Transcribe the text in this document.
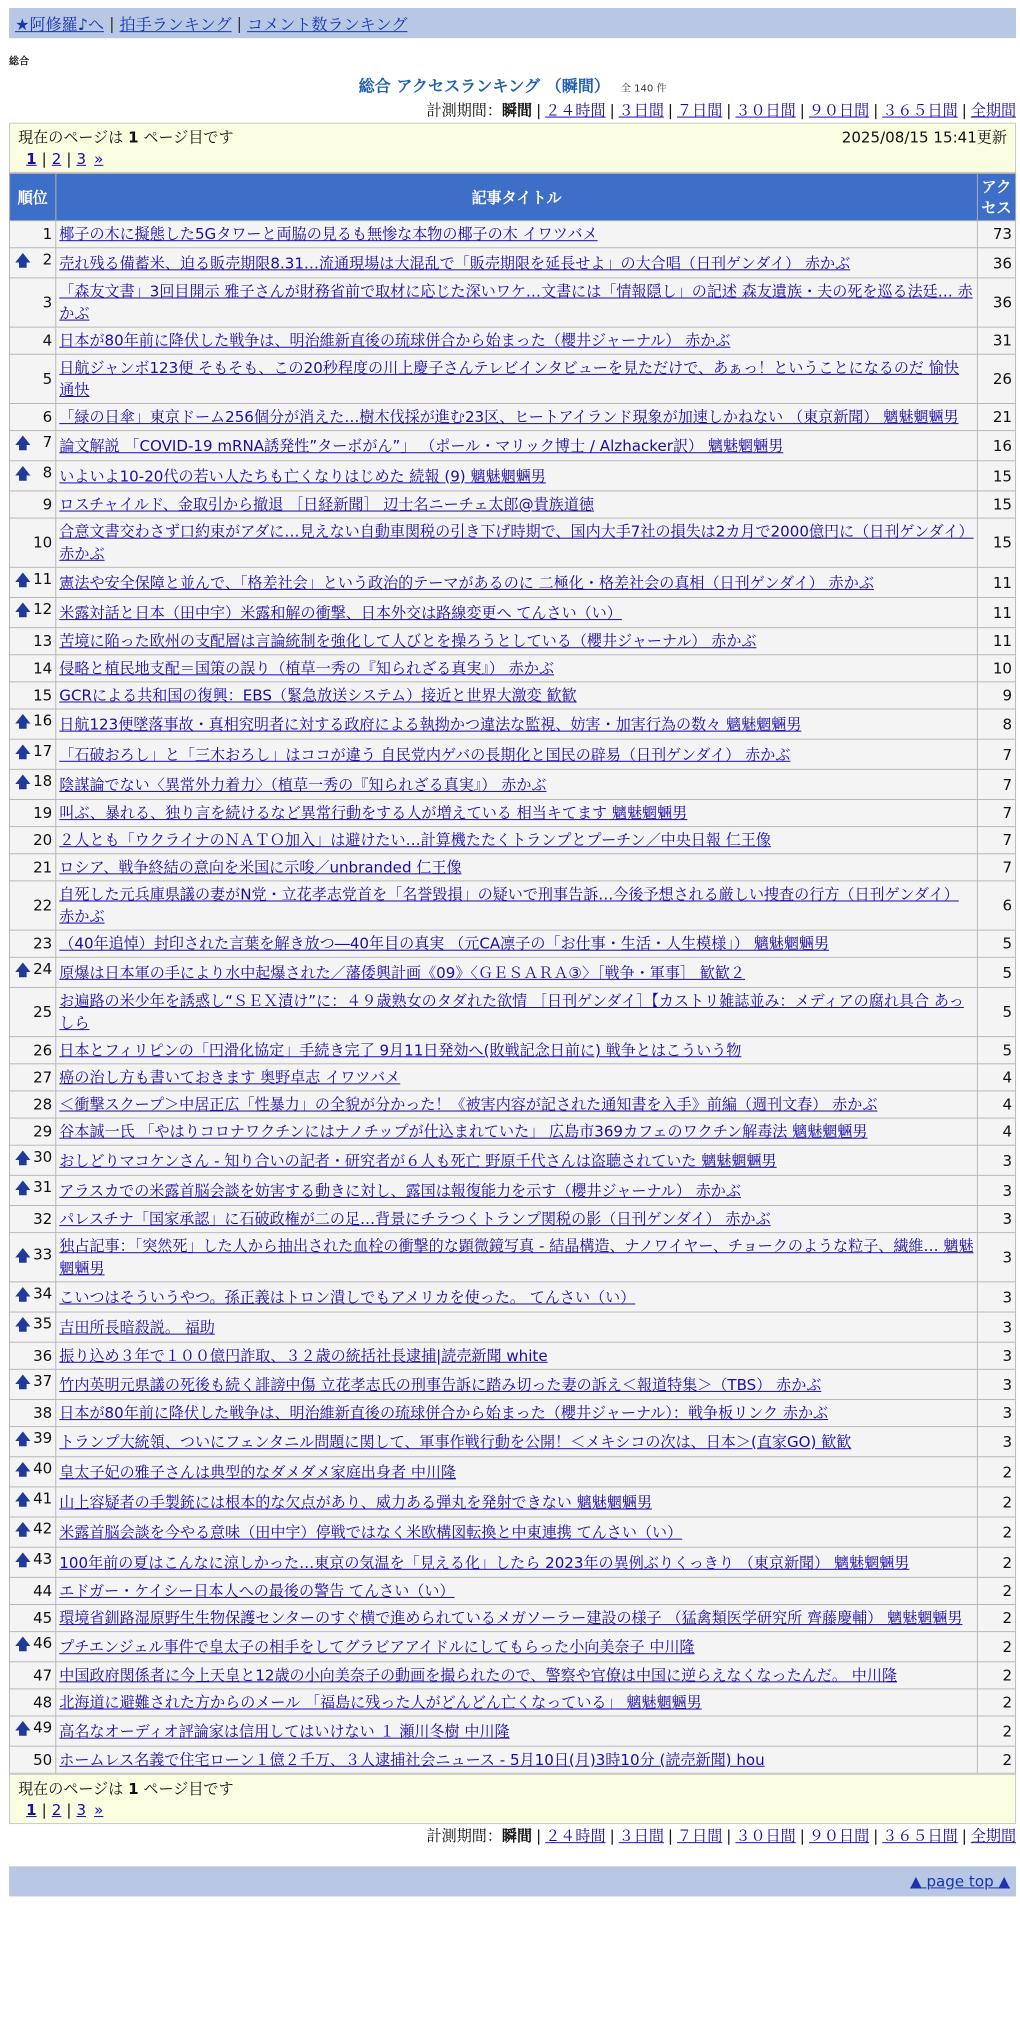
★阿修羅♪へ | 拍手ランキング | コメント数ランキング
総合
総合 アクセスランキング （瞬間） 全 140 件
計測期間：瞬間 | ２４時間 | ３日間 | ７日間 | ３０日間 | ９０日間 | ３６５日間 | 全期間
現在のページは 1 ページ目です	2025/08/15 15:41更新
1 | 2 | 3 »
順位	記事タイトル	アクセス
1	椰子の木に擬態した5Gタワーと両脇の見るも無惨な本物の椰子の木 イワツバメ	73

🡅 2	売れ残る備蓄米、迫る販売期限8.31…流通現場は大混乱で「販売期限を延長せよ」の大合唱（日刊ゲンダイ） 赤かぶ	36
3	「森友文書」3回目開示 雅子さんが財務省前で取材に応じた深いワケ…文書には「情報隠し」の記述 森友遺族・夫の死を巡る法廷… 赤かぶ	36
4	日本が80年前に降伏した戦争は、明治維新直後の琉球併合から始まった（櫻井ジャーナル） 赤かぶ	31
5	日航ジャンボ123便 そもそも、この20秒程度の川上慶子さんテレビインタビューを見ただけで、あぁっ！ということになるのだ 愉快通快	26
6	「緑の日傘」東京ドーム256個分が消えた…樹木伐採が進む23区、ヒートアイランド現象が加速しかねない （東京新聞） 魑魅魍魎男	21

🡅 7	論文解説 「COVID-19 mRNA誘発性”ターボがん”」 （ポール・マリック博士 / Alzhacker訳） 魑魅魍魎男	16

🡅 8	いよいよ10-20代の若い人たちも亡くなりはじめた 続報 (9) 魑魅魍魎男	15
9	ロスチャイルド、金取引から撤退 ［日経新聞］ 辺士名ニーチェ太郎@貴族道徳	15
10	合意文書交わさず口約束がアダに…見えない自動車関税の引き下げ時期で、国内大手7社の損失は2カ月で2000億円に（日刊ゲンダイ） 赤かぶ	15

🡅 11	憲法や安全保障と並んで、「格差社会」という政治的テーマがあるのに 二極化・格差社会の真相（日刊ゲンダイ） 赤かぶ	11

🡅 12	米露対話と日本（田中宇）米露和解の衝撃、日本外交は路線変更へ てんさい（い）	11
13	苦境に陥った欧州の支配層は言論統制を強化して人びとを操ろうとしている（櫻井ジャーナル） 赤かぶ	11
14	侵略と植民地支配＝国策の誤り（植草一秀の『知られざる真実』） 赤かぶ	10
15	GCRによる共和国の復興：EBS（緊急放送システム）接近と世界大激変 歓歓	9

🡅 16	日航123便墜落事故・真相究明者に対する政府による執拗かつ違法な監視、妨害・加害行為の数々 魑魅魍魎男	8

🡅 17	「石破おろし」と「三木おろし」はココが違う 自民党内ゲバの長期化と国民の辟易（日刊ゲンダイ） 赤かぶ	7

🡅 18	陰謀論でない〈異常外力着力〉（植草一秀の『知られざる真実』） 赤かぶ	7
19	叫ぶ、暴れる、独り言を続けるなど異常行動をする人が増えている 相当キてます 魑魅魍魎男	7
20	２人とも「ウクライナのＮＡＴＯ加入」は避けたい…計算機たたくトランプとプーチン／中央日報 仁王像	7
21	ロシア、戦争終結の意向を米国に示唆／unbranded 仁王像	7
22	自死した元兵庫県議の妻がN党・立花孝志党首を「名誉毀損」の疑いで刑事告訴…今後予想される厳しい捜査の行方（日刊ゲンダイ） 赤かぶ	6
23	（40年追悼）封印された言葉を解き放つ―40年目の真実 （元CA凛子の「お仕事・生活・人生模様」） 魑魅魍魎男	5

🡅 24	原爆は日本軍の手により水中起爆された／藩倭興計画《09》〈ＧＥＳＡＲＡ③〉［戦争・軍事］ 歓歓２	5
25	お遍路の米少年を誘惑し“ＳＥＸ漬け”に：４９歳熟女のタダれた欲情 ［日刊ゲンダイ］【カストリ雑誌並み：メディアの腐れ具合 あっしら	5
26	日本とフィリピンの「円滑化協定」手続き完了 9月11日発効へ(敗戦記念日前に) 戦争とはこういう物	5
27	癌の治し方も書いておきます 奥野卓志 イワツバメ	4
28	＜衝撃スクープ＞中居正広「性暴力」の全貌が分かった！《被害内容が記された通知書を入手》前編（週刊文春） 赤かぶ	4
29	谷本誠一氏 「やはりコロナワクチンにはナノチップが仕込まれていた」 広島市369カフェのワクチン解毒法 魑魅魍魎男	4

🡅 30	おしどりマコケンさん - 知り合いの記者・研究者が６人も死亡 野原千代さんは盗聴されていた 魑魅魍魎男	3

🡅 31	アラスカでの米露首脳会談を妨害する動きに対し、露国は報復能力を示す（櫻井ジャーナル） 赤かぶ	3
32	パレスチナ「国家承認」に石破政権が二の足…背景にチラつくトランプ関税の影（日刊ゲンダイ） 赤かぶ	3

🡅 33	独占記事：「突然死」した人から抽出された血栓の衝撃的な顕微鏡写真 - 結晶構造、ナノワイヤー、チョークのような粒子、繊維… 魑魅魍魎男	3

🡅 34	こいつはそういうやつ。孫正義はトロン潰しでもアメリカを使った。 てんさい（い）	3

🡅 35	吉田所長暗殺説。 福助	3
36	振り込め３年で１００億円詐取、３２歳の統括社長逮捕|読売新聞 white	3

🡅 37	竹内英明元県議の死後も続く誹謗中傷 立花孝志氏の刑事告訴に踏み切った妻の訴え＜報道特集＞（TBS） 赤かぶ	3
38	日本が80年前に降伏した戦争は、明治維新直後の琉球併合から始まった（櫻井ジャーナル）：戦争板リンク 赤かぶ	3

🡅 39	トランプ大統領、ついにフェンタニル問題に関して、軍事作戦行動を公開！＜メキシコの次は、日本＞(直家GO) 歓歓	3

🡅 40	皇太子妃の雅子さんは典型的なダメダメ家庭出身者 中川隆	2

🡅 41	山上容疑者の手製銃には根本的な欠点があり、威力ある弾丸を発射できない 魑魅魍魎男	2

🡅 42	米露首脳会談を今やる意味（田中宇）停戦ではなく米欧構図転換と中東連携 てんさい（い）	2

🡅 43	100年前の夏はこんなに涼しかった…東京の気温を「見える化」したら 2023年の異例ぶりくっきり （東京新聞） 魑魅魍魎男	2
44	エドガー・ケイシー日本人への最後の警告 てんさい（い）	2
45	環境省釧路湿原野生生物保護センターのすぐ横で進められているメガソーラー建設の様子 （猛禽類医学研究所 齊藤慶輔） 魑魅魍魎男	2

🡅 46	プチエンジェル事件で皇太子の相手をしてグラビアアイドルにしてもらった小向美奈子 中川隆	2
47	中国政府関係者に今上天皇と12歳の小向美奈子の動画を撮られたので、警察や官僚は中国に逆らえなくなったんだ。 中川隆	2
48	北海道に避難された方からのメール 「福島に残った人がどんどん亡くなっている」 魑魅魍魎男	2

🡅 49	高名なオーディオ評論家は信用してはいけない １ 瀬川冬樹 中川隆	2
50	ホームレス名義で住宅ローン１億２千万、３人逮捕社会ニュース - 5月10日(月)3時10分 (読売新聞) hou	2
現在のページは 1 ページ目です
1 | 2 | 3 »
計測期間：瞬間 | ２４時間 | ３日間 | ７日間 | ３０日間 | ９０日間 | ３６５日間 | 全期間
▲ page top ▲
